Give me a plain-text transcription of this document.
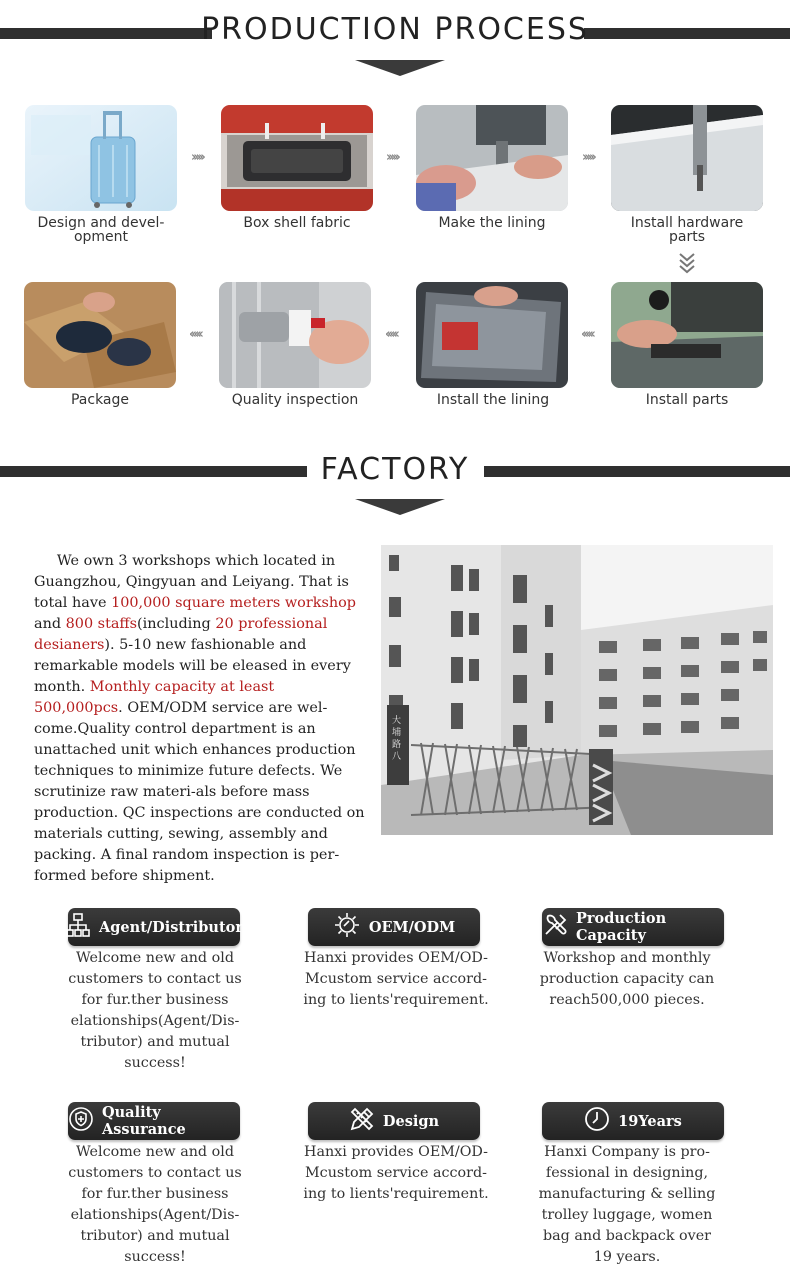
PRODUCTION PROCESS
›››››	›››››	›››››
Design and devel-
opment
Box shell fabric	Make the lining	Install hardware
parts
‹‹‹‹‹	‹‹‹‹‹	‹‹‹‹‹
Package	Quality inspection	Install the lining	Install parts
FACTORY
We own 3 workshops which located in Guangzhou, Qingyuan and Leiyang. That is total have 100,000 square meters workshop and 800 staffs(including 20 professional desianers). 5-10 new fashionable and remarkable models will be eleased in every month. Monthly capacity at least 500,000pcs. OEM/ODM service are wel-come.Quality control department is an unattached unit which enhances production techniques to minimize future defects. We scrutinize raw materi-als before mass production. QC inspections are conducted on materials cutting, sewing, assembly and packing. A final random inspection is per-formed before shipment.
大
埔
路
八
Agent/Distributor	OEM/ODM	Production Capacity
Welcome new and old
customers to contact us
for fur.ther business
elationships(Agent/Dis-
tributor) and mutual
success!
Hanxi provides OEM/OD-
Mcustom service accord-
ing to lients'requirement.
Workshop and monthly
production capacity can
reach500,000 pieces.
Quality Assurance	Design	19Years
Welcome new and old
customers to contact us
for fur.ther business
elationships(Agent/Dis-
tributor) and mutual
success!
Hanxi provides OEM/OD-
Mcustom service accord-
ing to lients'requirement.
Hanxi Company is pro-
fessional in designing,
manufacturing & selling
trolley luggage, women
bag and backpack over
19 years.
